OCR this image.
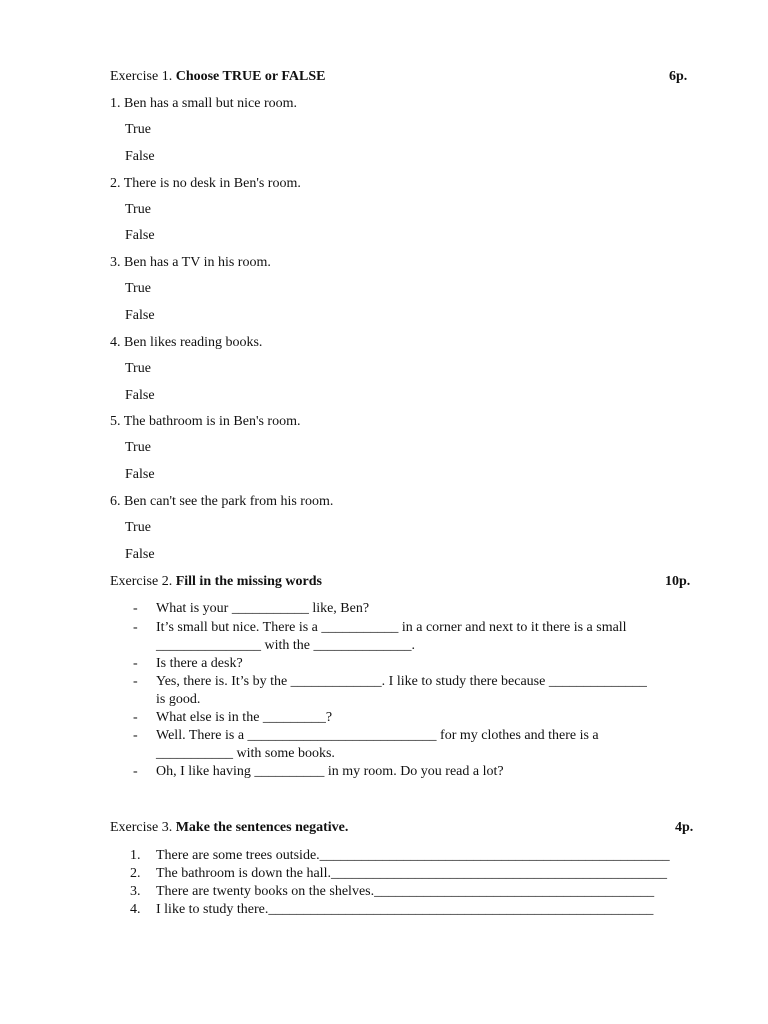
Exercise 1. Choose TRUE or FALSE	6p.
1. Ben has a small but nice room.
True
False
2. There is no desk in Ben's room.
True
False
3. Ben has a TV in his room.
True
False
4. Ben likes reading books.
True
False
5. The bathroom is in Ben's room.
True
False
6. Ben can't see the park from his room.
True
False
Exercise 2. Fill in the missing words	10p.
- What is your ___________ like, Ben?
- It’s small but nice. There is a ___________ in a corner and next to it there is a small
_______________ with the ______________.
- Is there a desk?
- Yes, there is. It’s by the _____________. I like to study there because ______________
is good.
- What else is in the _________?
- Well. There is a ___________________________ for my clothes and there is a
___________ with some books.
- Oh, I like having __________ in my room. Do you read a lot?
Exercise 3. Make the sentences negative.	4p.
1. There are some trees outside.__________________________________________________
2. The bathroom is down the hall.________________________________________________
3. There are twenty books on the shelves.________________________________________
4. I like to study there._______________________________________________________
